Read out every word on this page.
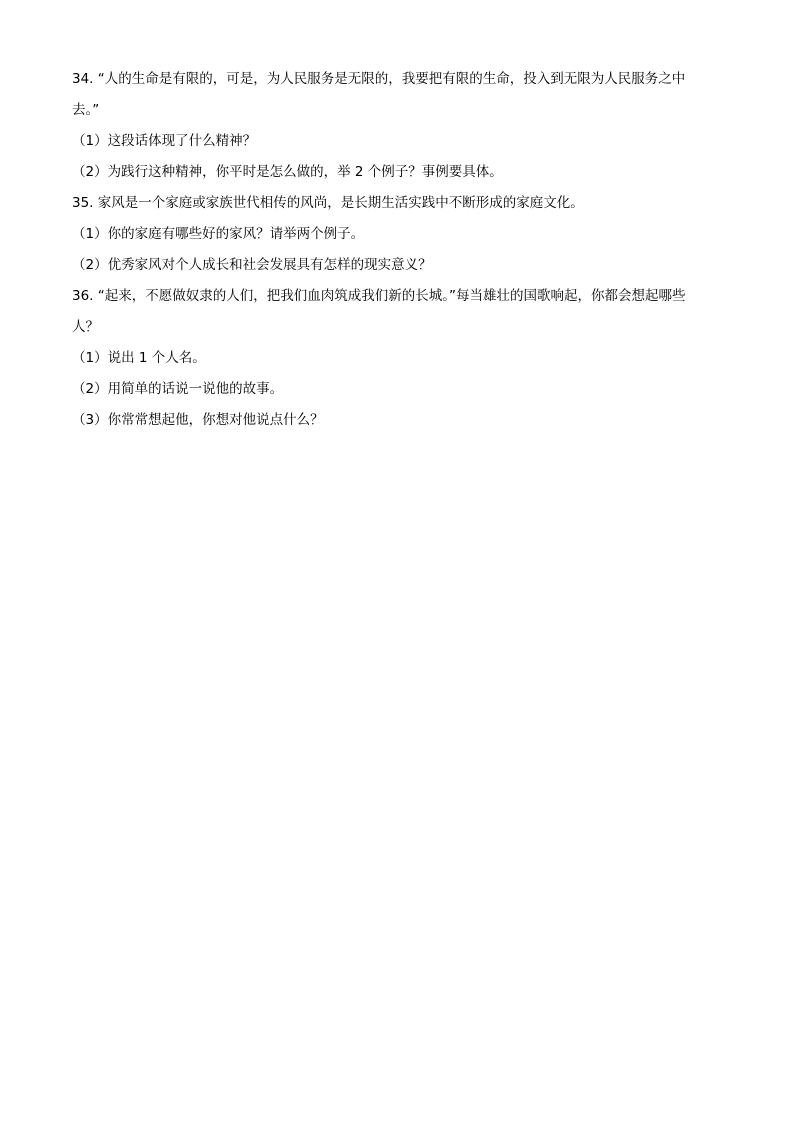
34. “人的生命是有限的，可是，为人民服务是无限的，我要把有限的生命，投入到无限为人民服务之中
去。”
（1）这段话体现了什么精神？
（2）为践行这种精神，你平时是怎么做的，举 2 个例子？事例要具体。
35. 家风是一个家庭或家族世代相传的风尚，是长期生活实践中不断形成的家庭文化。
（1）你的家庭有哪些好的家风？请举两个例子。
（2）优秀家风对个人成长和社会发展具有怎样的现实意义？
36. “起来，不愿做奴隶的人们，把我们血肉筑成我们新的长城。”每当雄壮的国歌响起，你都会想起哪些
人？
（1）说出 1 个人名。
（2）用简单的话说一说他的故事。
（3）你常常想起他，你想对他说点什么？
